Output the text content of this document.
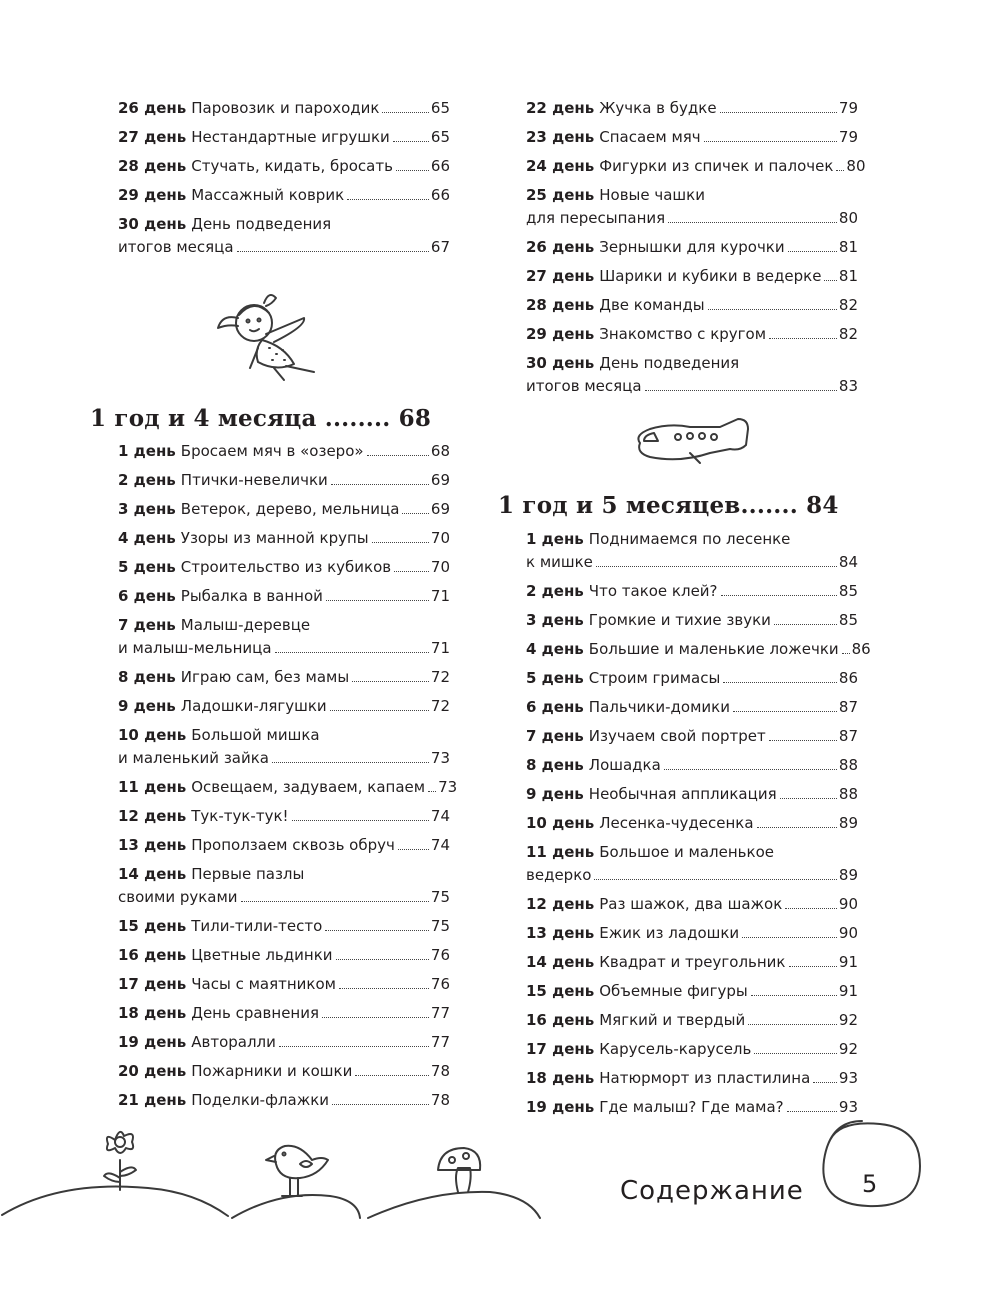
26 день Паровозик и пароходик	65
27 день Нестандартные игрушки	65
28 день Стучать, кидать, бросать	66
29 день Массажный коврик	66
30 день День подведения
итогов месяца	67
1 год и 4 месяца ........ 68
1 день Бросаем мяч в «озеро»	68
2 день Птички-невелички	69
3 день Ветерок, дерево, мельница 69
4 день Узоры из манной крупы	70
5 день Строительство из кубиков	70
6 день Рыбалка в ванной	71
7 день Малыш-деревце
и малыш-мельница	71
8 день Играю сам, без мамы	72
9 день Ладошки-лягушки	72
10 день Большой мишка
и маленький зайка	73
11 день Освещаем, задуваем, капаем 73
12 день Тук-тук-тук!	74
13 день Проползаем сквозь обруч 74
14 день Первые пазлы
своими руками	75
15 день Тили-тили-тесто	75
16 день Цветные льдинки	76
17 день Часы с маятником	76
18 день День сравнения	77
19 день Авторалли	77
20 день Пожарники и кошки	78
21 день Поделки-флажки	78
22 день Жучка в будке	79
23 день Спасаем мяч	79
24 день Фигурки из спичек и палочек 80
25 день Новые чашки
для пересыпания	80
26 день Зернышки для курочки	81
27 день Шарики и кубики в ведерке 81
28 день Две команды	82
29 день Знакомство с кругом	82
30 день День подведения
итогов месяца	83
1 год и 5 месяцев....... 84
1 день Поднимаемся по лесенке
к мишке	84
2 день Что такое клей?	85
3 день Громкие и тихие звуки	85
4 день Большие и маленькие ложечки 86
5 день Строим гримасы	86
6 день Пальчики-домики	87
7 день Изучаем свой портрет	87
8 день Лошадка	88
9 день Необычная аппликация	88
10 день Лесенка-чудесенка	89
11 день Большое и маленькое
ведерко	89
12 день Раз шажок, два шажок	90
13 день Ежик из ладошки	90
14 день Квадрат и треугольник	91
15 день Объемные фигуры	91
16 день Мягкий и твердый	92
17 день Карусель-карусель	92
18 день Натюрморт из пластилина 93
19 день Где малыш? Где мама?	93
Содержание 5
